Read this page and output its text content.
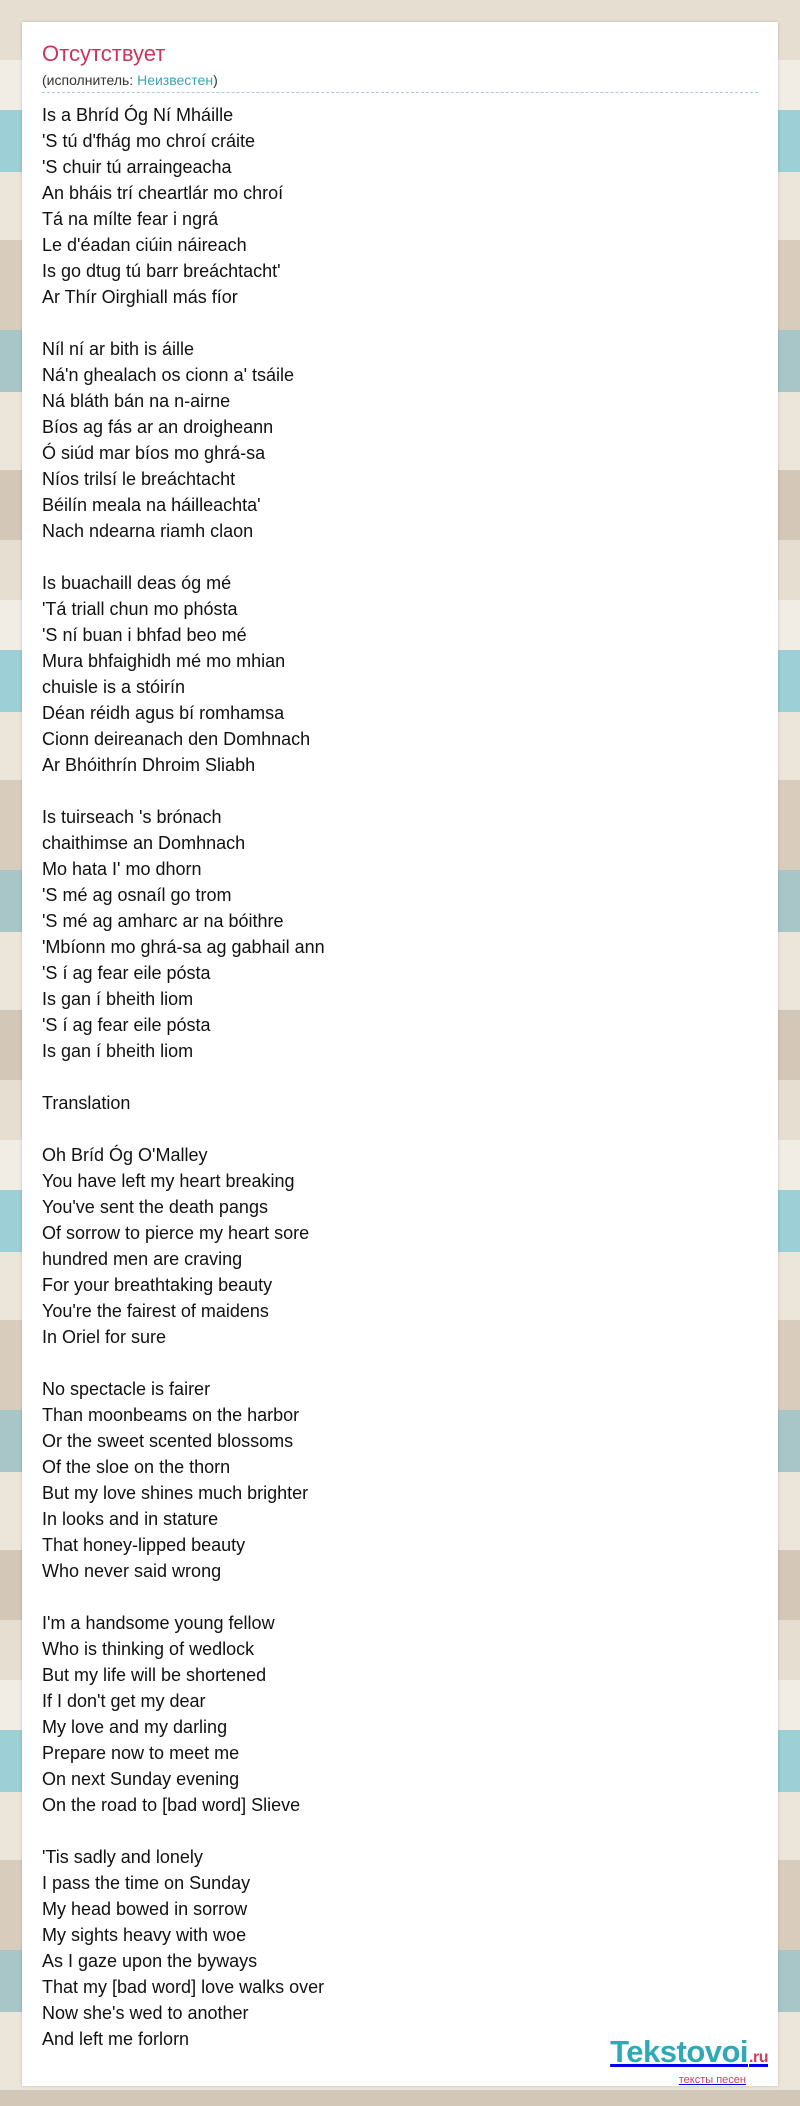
Отсутствует
(исполнитель: Неизвестен)
Is a Bhríd Óg Ní Mháille
'S tú d'fhág mo chroí cráite
'S chuir tú arraingeacha
An bháis trí cheartlár mo chroí
Tá na mílte fear i ngrá
Le d'éadan ciúin náireach
Is go dtug tú barr breáchtacht'
Ar Thír Oirghiall más fíor
Níl ní ar bith is áille
Ná'n ghealach os cionn a' tsáile
Ná bláth bán na n-airne
Bíos ag fás ar an droigheann
Ó siúd mar bíos mo ghrá-sa
Níos trilsí le breáchtacht
Béilín meala na háilleachta'
Nach ndearna riamh claon
Is buachaill deas óg mé
'Tá triall chun mo phósta
'S ní buan i bhfad beo mé
Mura bhfaighidh mé mo mhian
chuisle is a stóirín
Déan réidh agus bí romhamsa
Cionn deireanach den Domhnach
Ar Bhóithrín Dhroim Sliabh
Is tuirseach 's brónach
chaithimse an Domhnach
Mo hata I' mo dhorn
'S mé ag osnaíl go trom
'S mé ag amharc ar na bóithre
'Mbíonn mo ghrá-sa ag gabhail ann
'S í ag fear eile pósta
Is gan í bheith liom
'S í ag fear eile pósta
Is gan í bheith liom
Translation
Oh Bríd Óg O'Malley
You have left my heart breaking
You've sent the death pangs
Of sorrow to pierce my heart sore
hundred men are craving
For your breathtaking beauty
You're the fairest of maidens
In Oriel for sure
No spectacle is fairer
Than moonbeams on the harbor
Or the sweet scented blossoms
Of the sloe on the thorn
But my love shines much brighter
In looks and in stature
That honey-lipped beauty
Who never said wrong
I'm a handsome young fellow
Who is thinking of wedlock
But my life will be shortened
If I don't get my dear
My love and my darling
Prepare now to meet me
On next Sunday evening
On the road to [bad word] Slieve
'Tis sadly and lonely
I pass the time on Sunday
My head bowed in sorrow
My sights heavy with woe
As I gaze upon the byways
That my [bad word] love walks over
Now she's wed to another
And left me forlorn	Tekstovoi.ru
тексты песен
